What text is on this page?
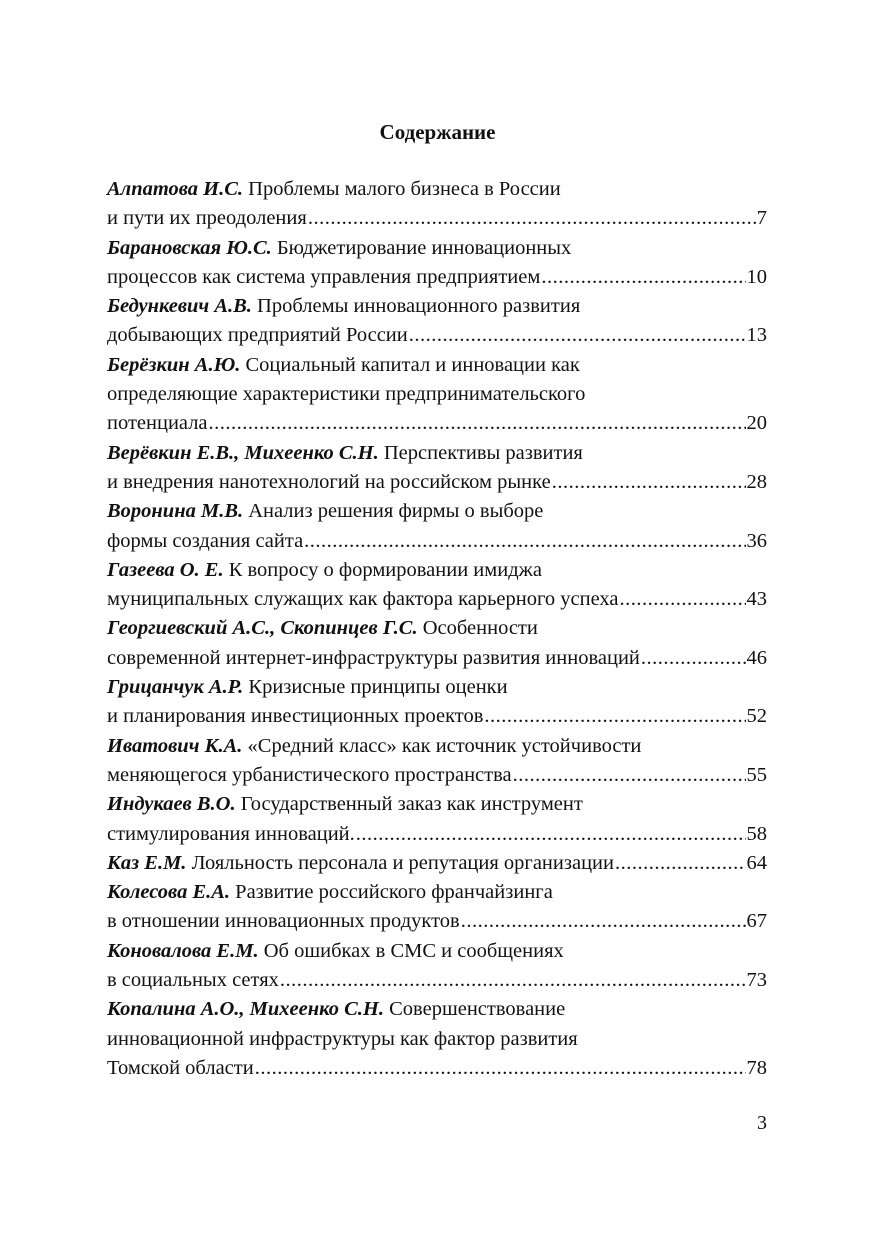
Содержание
Алпатова И.С. Проблемы малого бизнеса в России
и пути их преодоления .....	7
Барановская Ю.С. Бюджетирование инновационных
процессов как система управления предприятием .....	10
Бедункевич А.В. Проблемы инновационного развития
добывающих предприятий России .....	13
Берёзкин А.Ю. Социальный капитал и инновации как
определяющие характеристики предпринимательского
потенциала .....	20
Верёвкин Е.В., Михеенко С.Н. Перспективы развития
и внедрения нанотехнологий на российском рынке .....	28
Воронина М.В. Анализ решения фирмы о выборе
формы создания сайта .....	36
Газеева О. Е. К вопросу о формировании имиджа
муниципальных служащих как фактора карьерного успеха .....	43
Георгиевский А.С., Скопинцев Г.С. Особенности
современной интернет-инфраструктуры развития инноваций .....	46
Грицанчук А.Р. Кризисные принципы оценки
и планирования инвестиционных проектов .....	52
Иватович К.А. «Средний класс» как источник устойчивости
меняющегося урбанистического пространства .....	55
Индукаев В.О. Государственный заказ как инструмент
стимулирования инноваций. .....	58
Каз Е.М. Лояльность персонала и репутация организации .....	64
Колесова Е.А. Развитие российского франчайзинга
в отношении инновационных продуктов .....	67
Коновалова Е.М. Об ошибках в СМС и сообщениях
в социальных сетях .....	73
Копалина А.О., Михеенко С.Н. Совершенствование
инновационной инфраструктуры как фактор развития
Томской области .....	78
3
